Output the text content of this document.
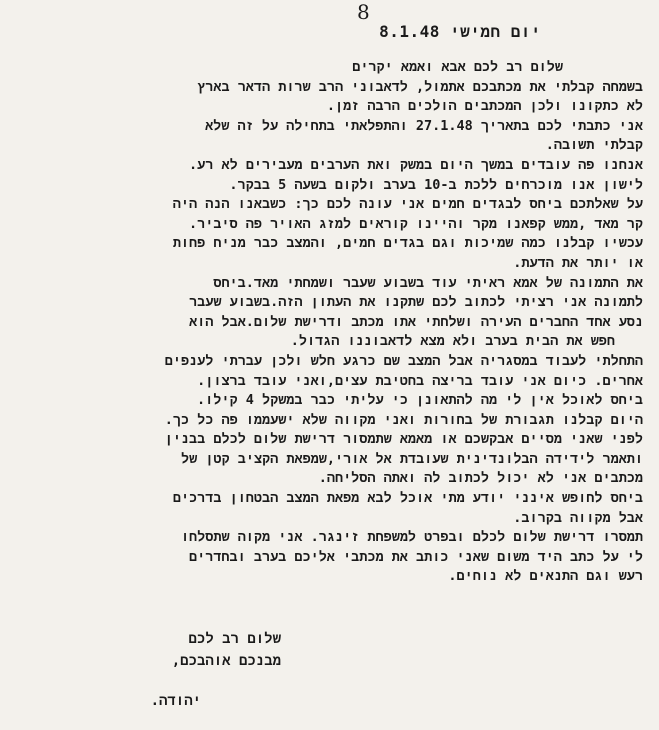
8
יום חמישי 8.1.48
שלום רב לכם אבא ואמא יקרים
בשמחה קבלתי את מכתבכם אתמול, לדאבוני הרב שרות הדאר בארץ
לא כתקונו ולכן המכתבים הולכים הרבה זמן.
אני כתבתי לכם בתאריך 27.1.48 והתפלאתי בתחילה על זה שלא
קבלתי תשובה.
אנחנו פה עובדים במשך היום במשק ואת הערבים מעבירים לא רע.
לישון אנו מוכרחים ללכת ב-10 בערב ולקום בשעה 5 בבקר.
על שאלתכם ביחס לבגדים חמים אני עונה לכם כך: כשבאנו הנה היה
קר מאד ,ממש קפאנו מקר והיינו קוראים למזג האויר פה סיביר.
עכשיו קבלנו כמה שמיכות וגם בגדים חמים, והמצב כבר מניח פחות
או יותר את הדעת.
את התמונה של אמא ראיתי עוד בשבוע שעבר ושמחתי מאד.ביחס
לתמונה אני רציתי לכתוב לכם שתקנו את העתון הזה.בשבוע שעבר
נסע אחד החברים העירה ושלחתי אתו מכתב ודרישת שלום.אבל הוא
חפש את הבית בערב ולא מצא לדאבוננו הגדול.
התחלתי לעבוד במסגריה אבל המצב שם כרגע חלש ולכן עברתי לענפים
אחרים. כיום אני עובד בריצה בחטיבת עצים,ואני עובד ברצון.
ביחס לאוכל אין לי מה להתאונן כי עליתי כבר במשקל 4 קילו.
היום קבלנו תגבורת של בחורות ואני מקווה שלא ישעממו פה כל כך.
לפני שאני מסיים אבקשכם או מאמא שתמסור דרישת שלום לכלם בבנין
ותאמר לידידה הבלונדינית שעובדת אל אורי,שמפאת הקציב קטן של
מכתבים אני לא יכול לכתוב לה ואתה הסליחה.
ביחס לחופש אינני יודע מתי אוכל לבא מפאת המצב הבטחון בדרכים
אבל מקווה בקרוב.
תמסרו דרישת שלום לכלם ובפרט למשפחת זינגר. אני מקוה שתסלחו
לי על כתב היד משום שאני כותב את מכתבי אליכם בערב ובחדרים
רעש וגם התנאים לא נוחים.
שלום רב לכם
מבנכם אוהבכם,
יהודה.
